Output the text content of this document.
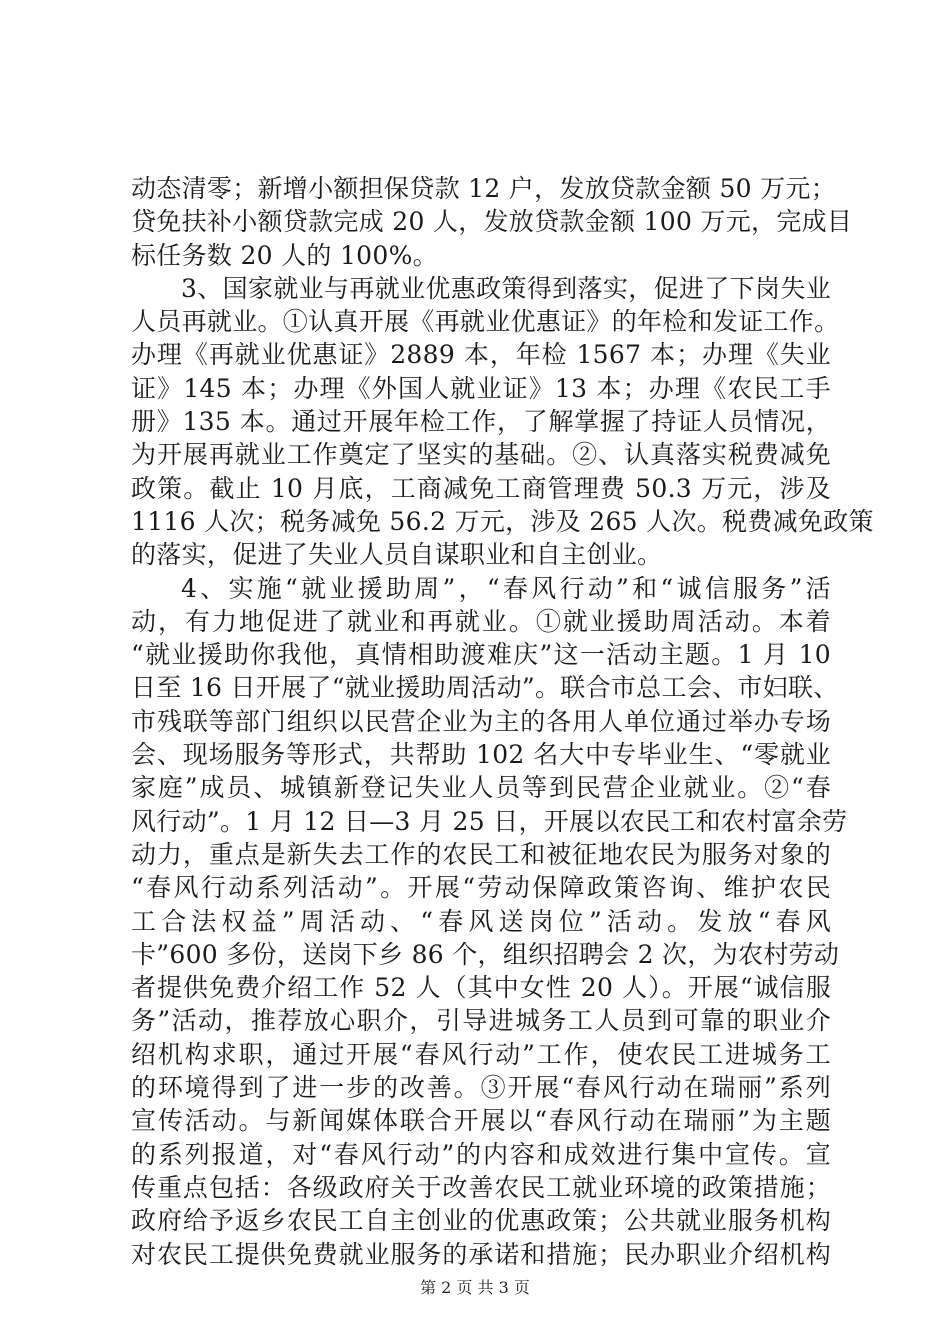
动态清零；新增小额担保贷款 12 户，发放贷款金额 50 万元；
贷免扶补小额贷款完成 20 人，发放贷款金额 100 万元，完成目
标任务数 20 人的 100%。
3、国家就业与再就业优惠政策得到落实，促进了下岗失业
人员再就业。①认真开展《再就业优惠证》的年检和发证工作。
办理《再就业优惠证》2889 本，年检 1567 本；办理《失业
证》145 本；办理《外国人就业证》13 本；办理《农民工手
册》135 本。通过开展年检工作，了解掌握了持证人员情况，
为开展再就业工作奠定了坚实的基础。②、认真落实税费减免
政策。截止 10 月底，工商减免工商管理费 50.3 万元，涉及
1116 人次；税务减免 56.2 万元，涉及 265 人次。税费减免政策
的落实，促进了失业人员自谋职业和自主创业。
4、实施“就业援助周”，“春风行动”和“诚信服务”活
动，有力地促进了就业和再就业。①就业援助周活动。本着
“就业援助你我他，真情相助渡难庆”这一活动主题。1 月 10
日至 16 日开展了“就业援助周活动”。联合市总工会、市妇联、
市残联等部门组织以民营企业为主的各用人单位通过举办专场
会、现场服务等形式，共帮助 102 名大中专毕业生、“零就业
家庭”成员、城镇新登记失业人员等到民营企业就业。②“春
风行动”。1 月 12 日—3 月 25 日，开展以农民工和农村富余劳
动力，重点是新失去工作的农民工和被征地农民为服务对象的
“春风行动系列活动”。开展“劳动保障政策咨询、维护农民
工合法权益”周活动、“春风送岗位”活动。发放“春风
卡”600 多份，送岗下乡 86 个，组织招聘会 2 次，为农村劳动
者提供免费介绍工作 52 人（其中女性 20 人）。开展“诚信服
务”活动，推荐放心职介，引导进城务工人员到可靠的职业介
绍机构求职，通过开展“春风行动”工作，使农民工进城务工
的环境得到了进一步的改善。③开展“春风行动在瑞丽”系列
宣传活动。与新闻媒体联合开展以“春风行动在瑞丽”为主题
的系列报道，对“春风行动”的内容和成效进行集中宣传。宣
传重点包括：各级政府关于改善农民工就业环境的政策措施；
政府给予返乡农民工自主创业的优惠政策；公共就业服务机构
对农民工提供免费就业服务的承诺和措施；民办职业介绍机构
第 2 页 共 3 页
